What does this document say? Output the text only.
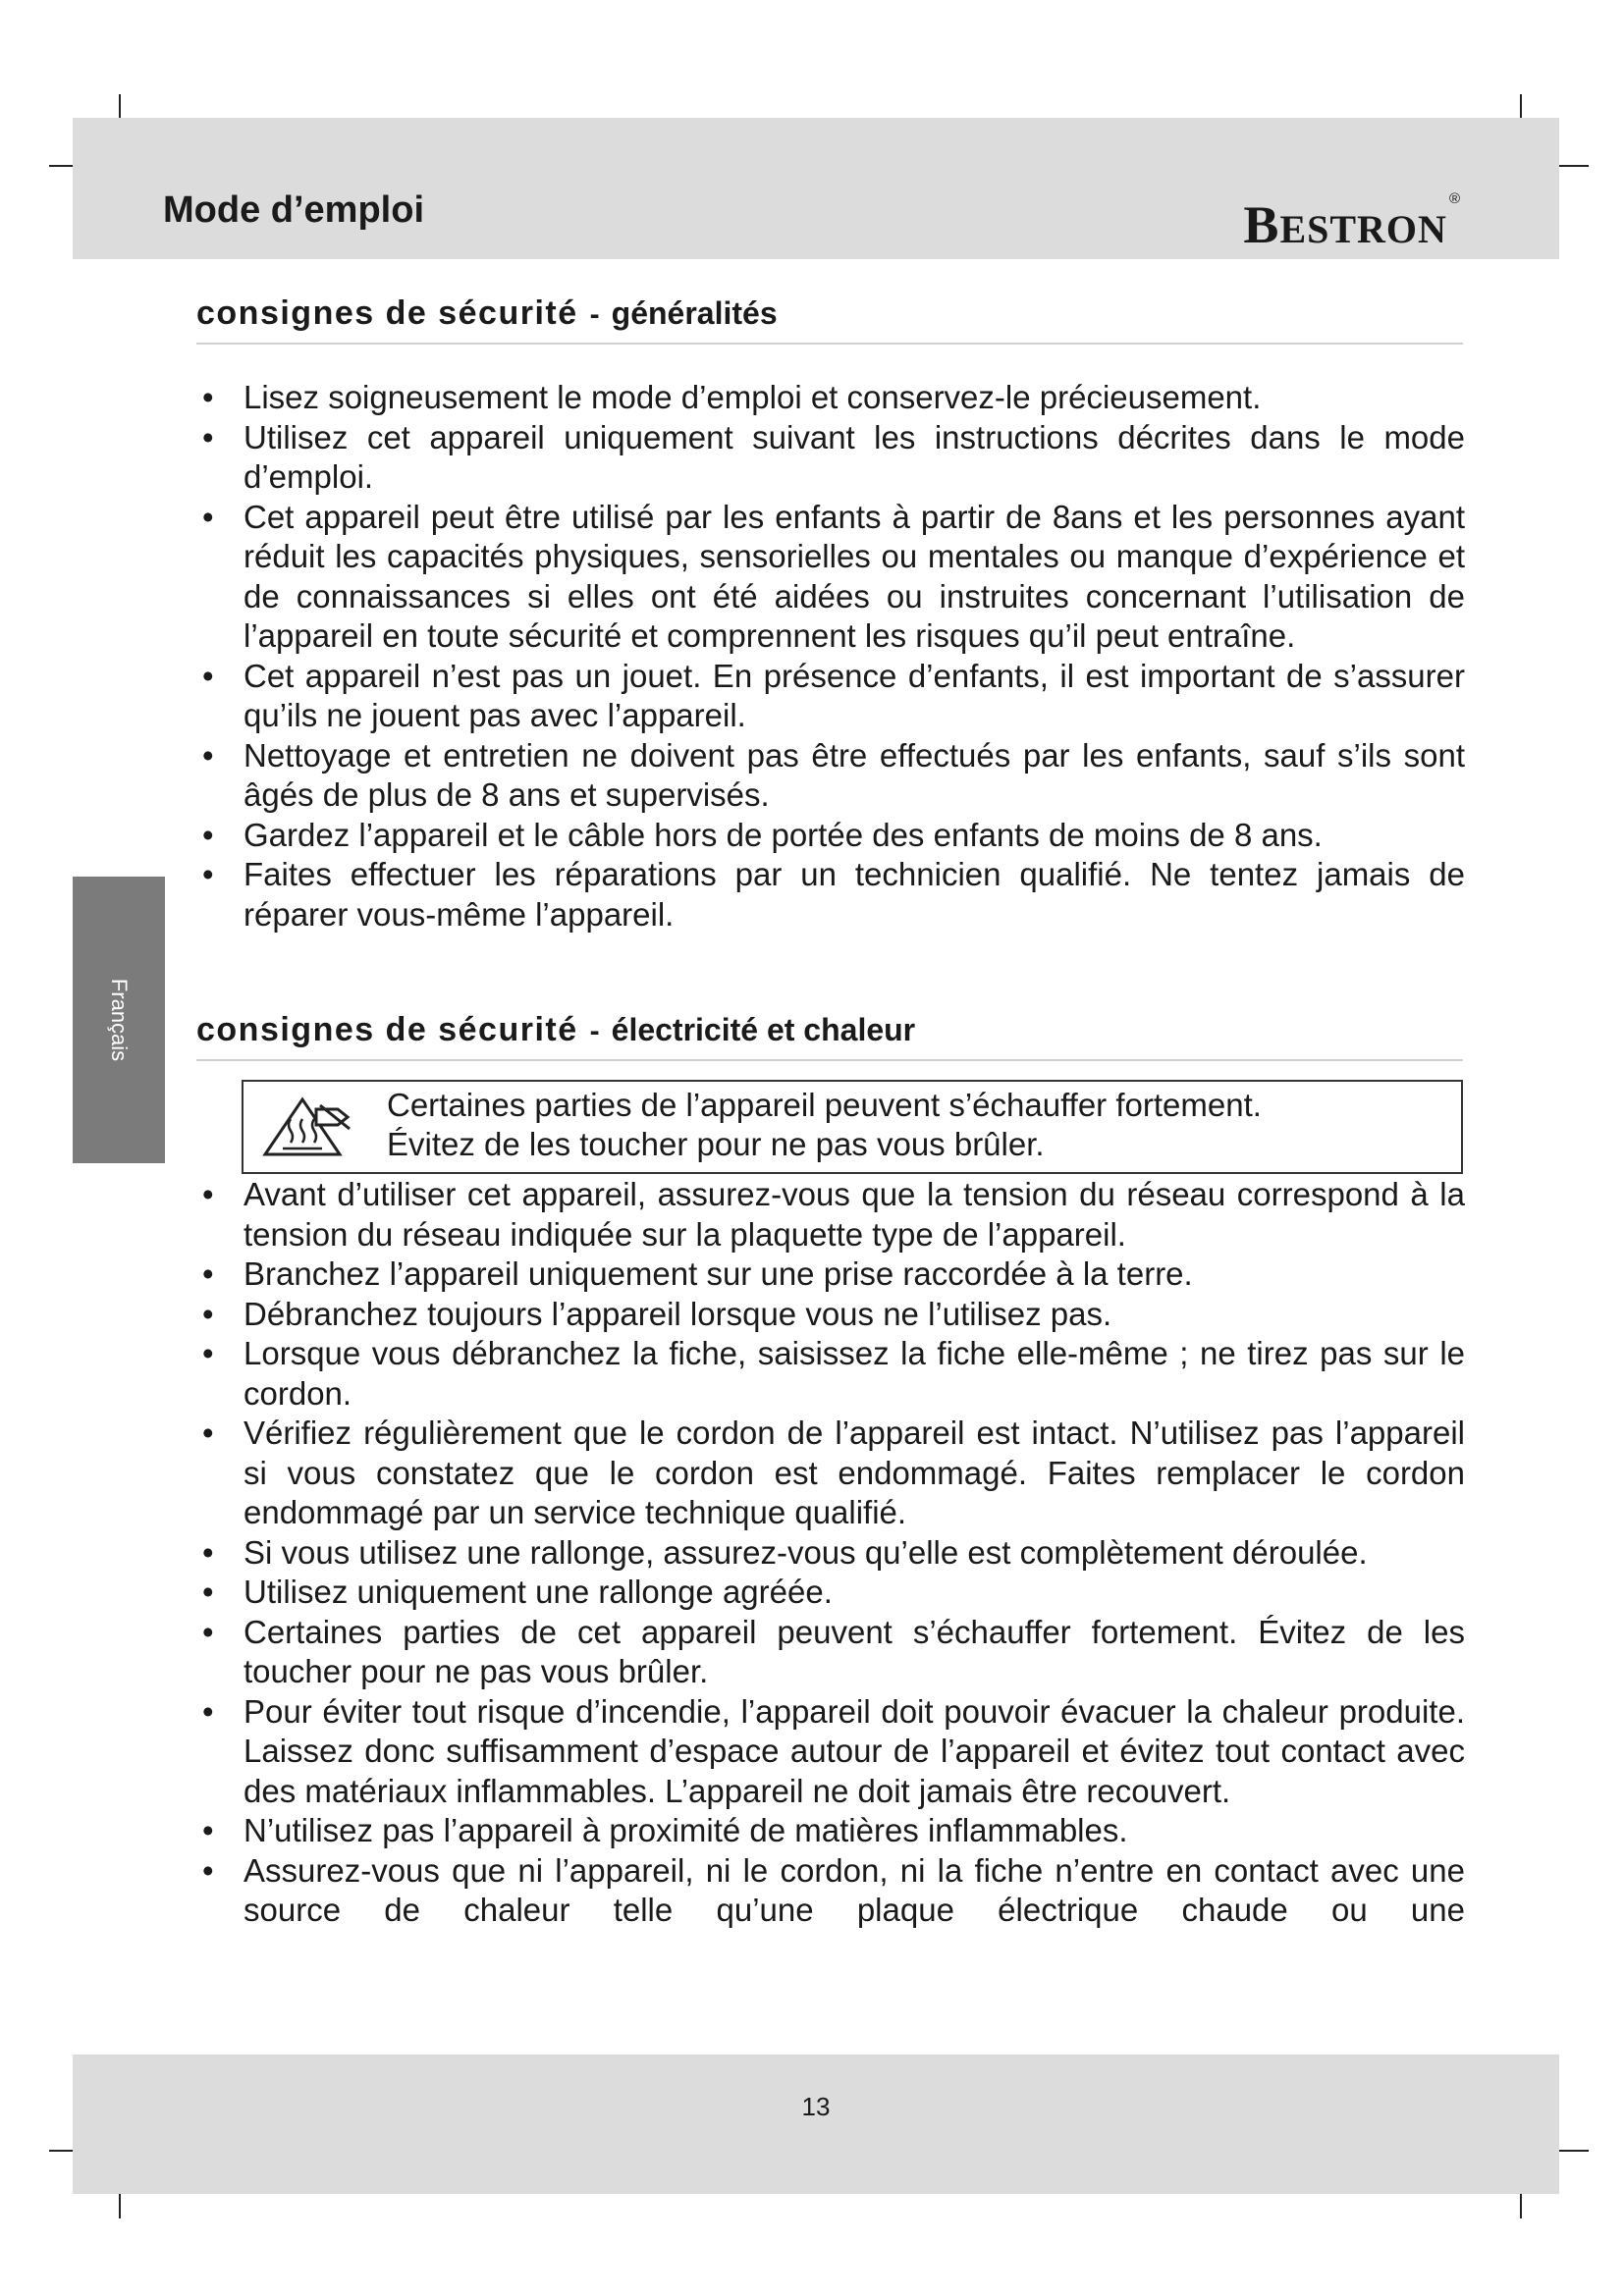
Mode d’emploi	BESTRON®
Français
consignes de sécurité - généralités
• Lisez soigneusement le mode d’emploi et conservez-le précieusement.
• Utilisez cet appareil uniquement suivant les instructions décrites dans le mode d’emploi.
• Cet appareil peut être utilisé par les enfants à partir de 8ans et les personnes ayant réduit les capacités physiques, sensorielles ou mentales ou manque d’expérience et de connaissances si elles ont été aidées ou instruites concernant l’utilisation de l’appareil en toute sécurité et comprennent les risques qu’il peut entraîne.
• Cet appareil n’est pas un jouet. En présence d’enfants, il est important de s’assurer qu’ils ne jouent pas avec l’appareil.
• Nettoyage et entretien ne doivent pas être effectués par les enfants, sauf s’ils sont âgés de plus de 8 ans et supervisés.
• Gardez l’appareil et le câble hors de portée des enfants de moins de 8 ans.
• Faites effectuer les réparations par un technicien qualifié. Ne tentez jamais de réparer vous-même l’appareil.
consignes de sécurité - électricité et chaleur
Certaines parties de l’appareil peuvent s’échauffer fortement.
Évitez de les toucher pour ne pas vous brûler.
• Avant d’utiliser cet appareil, assurez-vous que la tension du réseau correspond à la tension du réseau indiquée sur la plaquette type de l’appareil.
• Branchez l’appareil uniquement sur une prise raccordée à la terre.
• Débranchez toujours l’appareil lorsque vous ne l’utilisez pas.
• Lorsque vous débranchez la fiche, saisissez la fiche elle-même ; ne tirez pas sur le cordon.
• Vérifiez régulièrement que le cordon de l’appareil est intact. N’utilisez pas l’appareil si vous constatez que le cordon est endommagé. Faites remplacer le cordon endommagé par un service technique qualifié.
• Si vous utilisez une rallonge, assurez-vous qu’elle est complètement déroulée.
• Utilisez uniquement une rallonge agréée.
• Certaines parties de cet appareil peuvent s’échauffer fortement. Évitez de les toucher pour ne pas vous brûler.
• Pour éviter tout risque d’incendie, l’appareil doit pouvoir évacuer la chaleur produite. Laissez donc suffisamment d’espace autour de l’appareil et évitez tout contact avec des matériaux inflammables. L’appareil ne doit jamais être recouvert.
• N’utilisez pas l’appareil à proximité de matières inflammables.
• Assurez-vous que ni l’appareil, ni le cordon, ni la fiche n’entre en contact avec une source de chaleur telle qu’une plaque électrique chaude ou une
13
